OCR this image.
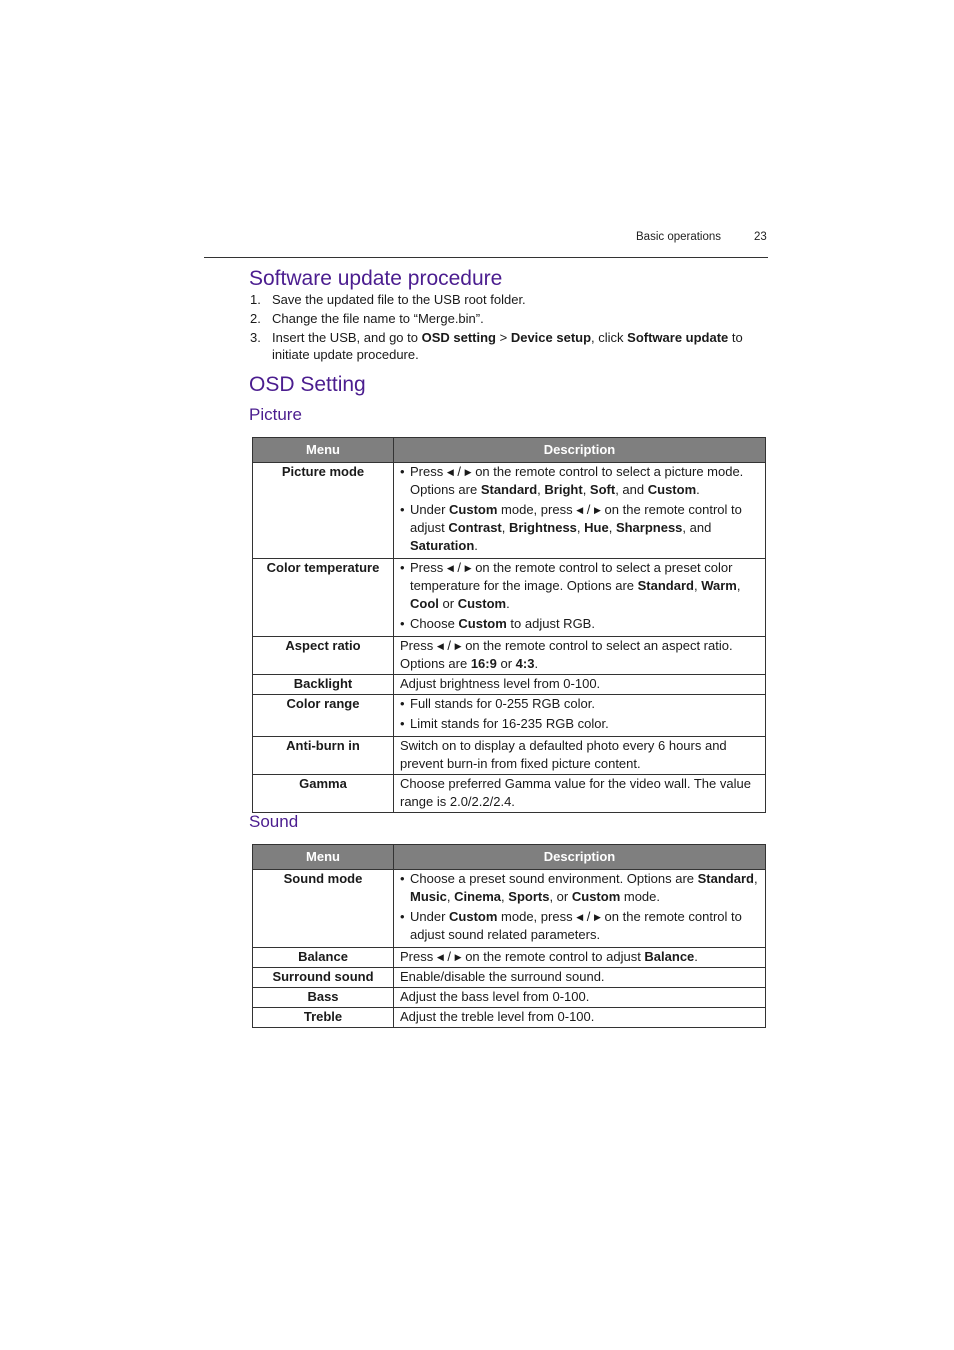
Basic operations	23
Software update procedure
1. Save the updated file to the USB root folder.
2. Change the file name to “Merge.bin”.
3. Insert the USB, and go to OSD setting > Device setup, click Software update to initiate update procedure.
OSD Setting
Picture
Menu	Description
Picture mode	• Press ◀ / ▶ on the remote control to select a picture mode. Options are Standard, Bright, Soft, and Custom.
• Under Custom mode, press ◀ / ▶ on the remote control to adjust Contrast, Brightness, Hue, Sharpness, and Saturation.

Color temperature	• Press ◀ / ▶ on the remote control to select a preset color temperature for the image. Options are Standard, Warm, Cool or Custom.
• Choose Custom to adjust RGB.

Aspect ratio	Press ◀ / ▶ on the remote control to select an aspect ratio. Options are 16:9 or 4:3.
Backlight	Adjust brightness level from 0-100.
Color range	• Full stands for 0-255 RGB color.
• Limit stands for 16-235 RGB color.

Anti-burn in	Switch on to display a defaulted photo every 6 hours and prevent burn-in from fixed picture content.
Gamma	Choose preferred Gamma value for the video wall. The value range is 2.0/2.2/2.4.
Sound
Menu	Description
Sound mode	• Choose a preset sound environment. Options are Standard, Music, Cinema, Sports, or Custom mode.
• Under Custom mode, press ◀ / ▶ on the remote control to adjust sound related parameters.

Balance	Press ◀ / ▶ on the remote control to adjust Balance.
Surround sound	Enable/disable the surround sound.
Bass	Adjust the bass level from 0-100.
Treble	Adjust the treble level from 0-100.
